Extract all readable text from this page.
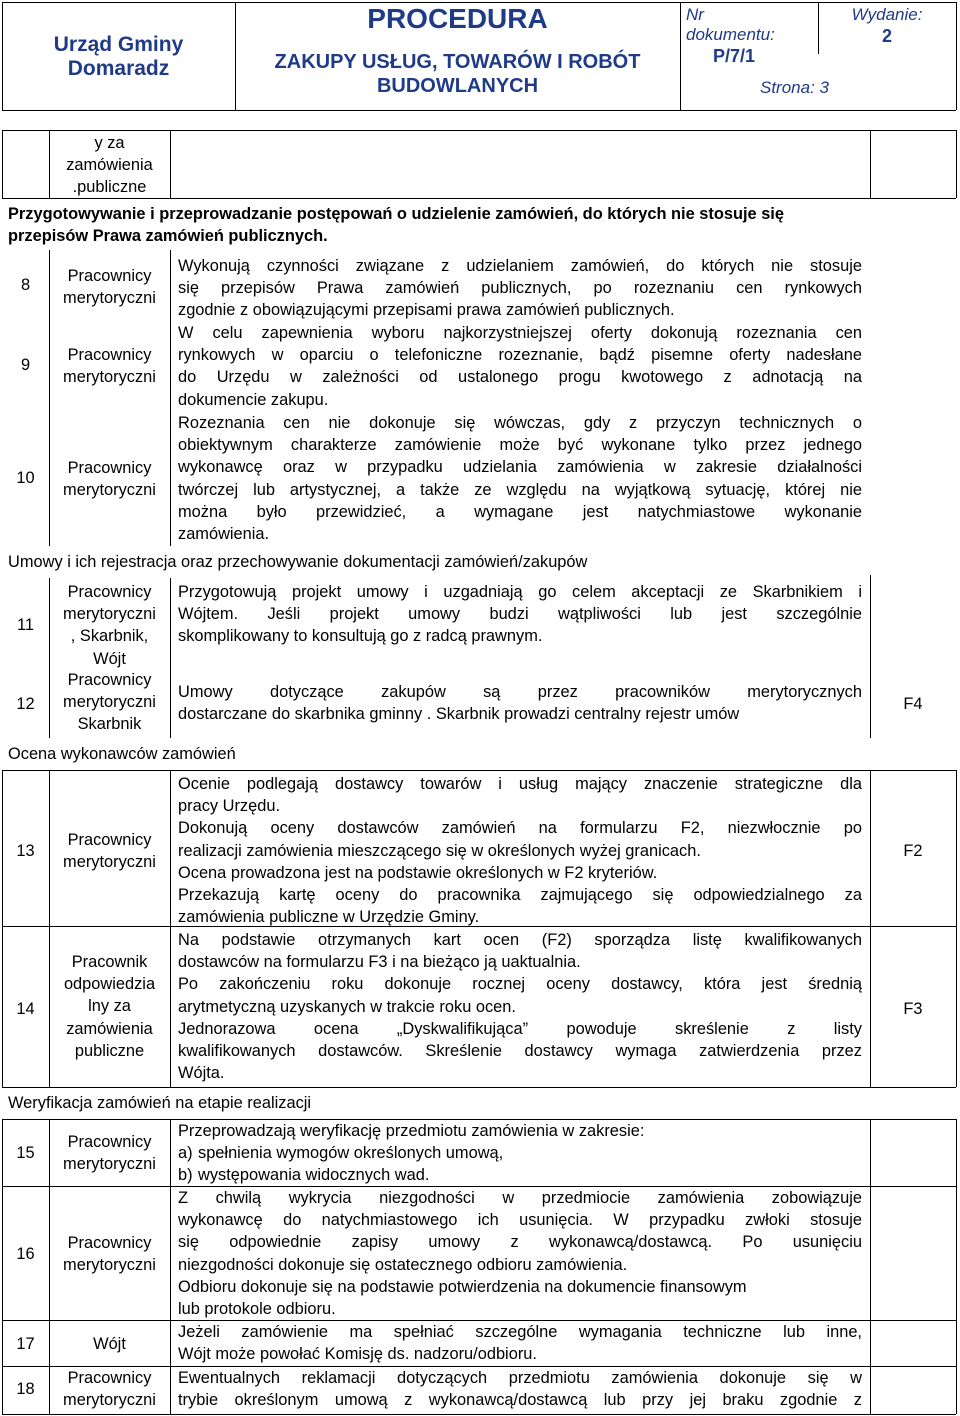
Urząd Gminy
Domaradz
PROCEDURA
ZAKUPY USŁUG, TOWARÓW I ROBÓT
BUDOWLANYCH
Nr
dokumentu:
P/7/1
Wydanie:
2
Strona: 3
y za
zamówienia
.publiczne
Przygotowywanie i przeprowadzanie postępowań o udzielenie zamówień, do których nie stosuje się
przepisów Prawa zamówień publicznych.
8	Pracownicy
merytoryczni
Wykonują czynności związane z udzielaniem zamówień, do których nie stosuje
się przepisów Prawa zamówień publicznych, po rozeznaniu cen rynkowych
zgodnie z obowiązującymi przepisami prawa zamówień publicznych.
9
Pracownicy
merytoryczni
W celu zapewnienia wyboru najkorzystniejszej oferty dokonują rozeznania cen
rynkowych w oparciu o telefoniczne rozeznanie, bądź pisemne oferty nadesłane
do Urzędu w zależności od ustalonego progu kwotowego z adnotacją na
dokumencie zakupu.
10
Pracownicy
merytoryczni
Rozeznania cen nie dokonuje się wówczas, gdy z przyczyn technicznych o
obiektywnym charakterze zamówienie może być wykonane tylko przez jednego
wykonawcę oraz w przypadku udzielania zamówienia w zakresie działalności
twórczej lub artystycznej, a także ze względu na wyjątkową sytuację, której nie
można było przewidzieć, a wymagane jest natychmiastowe wykonanie
zamówienia.
Umowy i ich rejestracja oraz przechowywanie dokumentacji zamówień/zakupów
11
Pracownicy
merytoryczni
, Skarbnik,
Wójt
Przygotowują projekt umowy i uzgadniają go celem akceptacji ze Skarbnikiem i
Wójtem. Jeśli projekt umowy budzi wątpliwości lub jest szczególnie
skomplikowany to konsultują go z radcą prawnym.
12
Pracownicy
merytoryczni
Skarbnik
Umowy dotyczące zakupów są przez pracowników merytorycznych
dostarczane do skarbnika gminny . Skarbnik prowadzi centralny rejestr umów
F4
Ocena wykonawców zamówień
13
Pracownicy
merytoryczni
Ocenie podlegają dostawcy towarów i usług mający znaczenie strategiczne dla
pracy Urzędu.
Dokonują oceny dostawców zamówień na formularzu F2, niezwłocznie po
realizacji zamówienia mieszczącego się w określonych wyżej granicach.
Ocena prowadzona jest na podstawie określonych w F2 kryteriów.
Przekazują kartę oceny do pracownika zajmującego się odpowiedzialnego za
zamówienia publiczne w Urzędzie Gminy.
F2
14
Pracownik
odpowiedzia
lny za
zamówienia
publiczne
Na podstawie otrzymanych kart ocen (F2) sporządza listę kwalifikowanych
dostawców na formularzu F3 i na bieżąco ją uaktualnia.
Po zakończeniu roku dokonuje rocznej oceny dostawcy, która jest średnią
arytmetyczną uzyskanych w trakcie roku ocen.
Jednorazowa ocena „Dyskwalifikująca” powoduje skreślenie z listy
kwalifikowanych dostawców. Skreślenie dostawcy wymaga zatwierdzenia przez
Wójta.
F3
Weryfikacja zamówień na etapie realizacji
15
Pracownicy
merytoryczni
Przeprowadzają weryfikację przedmiotu zamówienia w zakresie:
a) spełnienia wymogów określonych umową,
b) występowania widocznych wad.
16
Pracownicy
merytoryczni
Z chwilą wykrycia niezgodności w przedmiocie zamówienia zobowiązuje
wykonawcę do natychmiastowego ich usunięcia. W przypadku zwłoki stosuje
się odpowiednie zapisy umowy z wykonawcą/dostawcą. Po usunięciu
niezgodności dokonuje się ostatecznego odbioru zamówienia.
Odbioru dokonuje się na podstawie potwierdzenia na dokumencie finansowym
lub protokole odbioru.
17	Wójt
Jeżeli zamówienie ma spełniać szczególne wymagania techniczne lub inne,
Wójt może powołać Komisję ds. nadzoru/odbioru.
18
Pracownicy
merytoryczni
Ewentualnych reklamacji dotyczących przedmiotu zamówienia dokonuje się w
trybie określonym umową z wykonawcą/dostawcą lub przy jej braku zgodnie z
